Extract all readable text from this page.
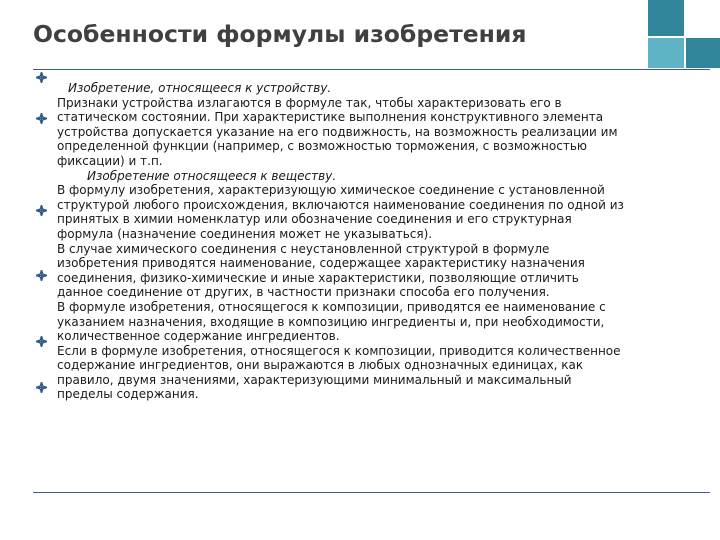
Особенности формулы изобретения
Изобретение, относящееся к устройству.
Признаки устройства излагаются в формуле так, чтобы характеризовать его в
статическом состоянии. При характеристике выполнения конструктивного элемента
устройства допускается указание на его подвижность, на возможность реализации им
определенной функции (например, с возможностью торможения, с возможностью
фиксации) и т.п.
Изобретение относящееся к веществу.
В формулу изобретения, характеризующую химическое соединение с установленной
структурой любого происхождения, включаются наименование соединения по одной из
принятых в химии номенклатур или обозначение соединения и его структурная
формула (назначение соединения может не указываться).
В случае химического соединения с неустановленной структурой в формуле
изобретения приводятся наименование, содержащее характеристику назначения
соединения, физико-химические и иные характеристики, позволяющие отличить
данное соединение от других, в частности признаки способа его получения.
В формуле изобретения, относящегося к композиции, приводятся ее наименование с
указанием назначения, входящие в композицию ингредиенты и, при необходимости,
количественное содержание ингредиентов.
Если в формуле изобретения, относящегося к композиции, приводится количественное
содержание ингредиентов, они выражаются в любых однозначных единицах, как
правило, двумя значениями, характеризующими минимальный и максимальный
пределы содержания.
